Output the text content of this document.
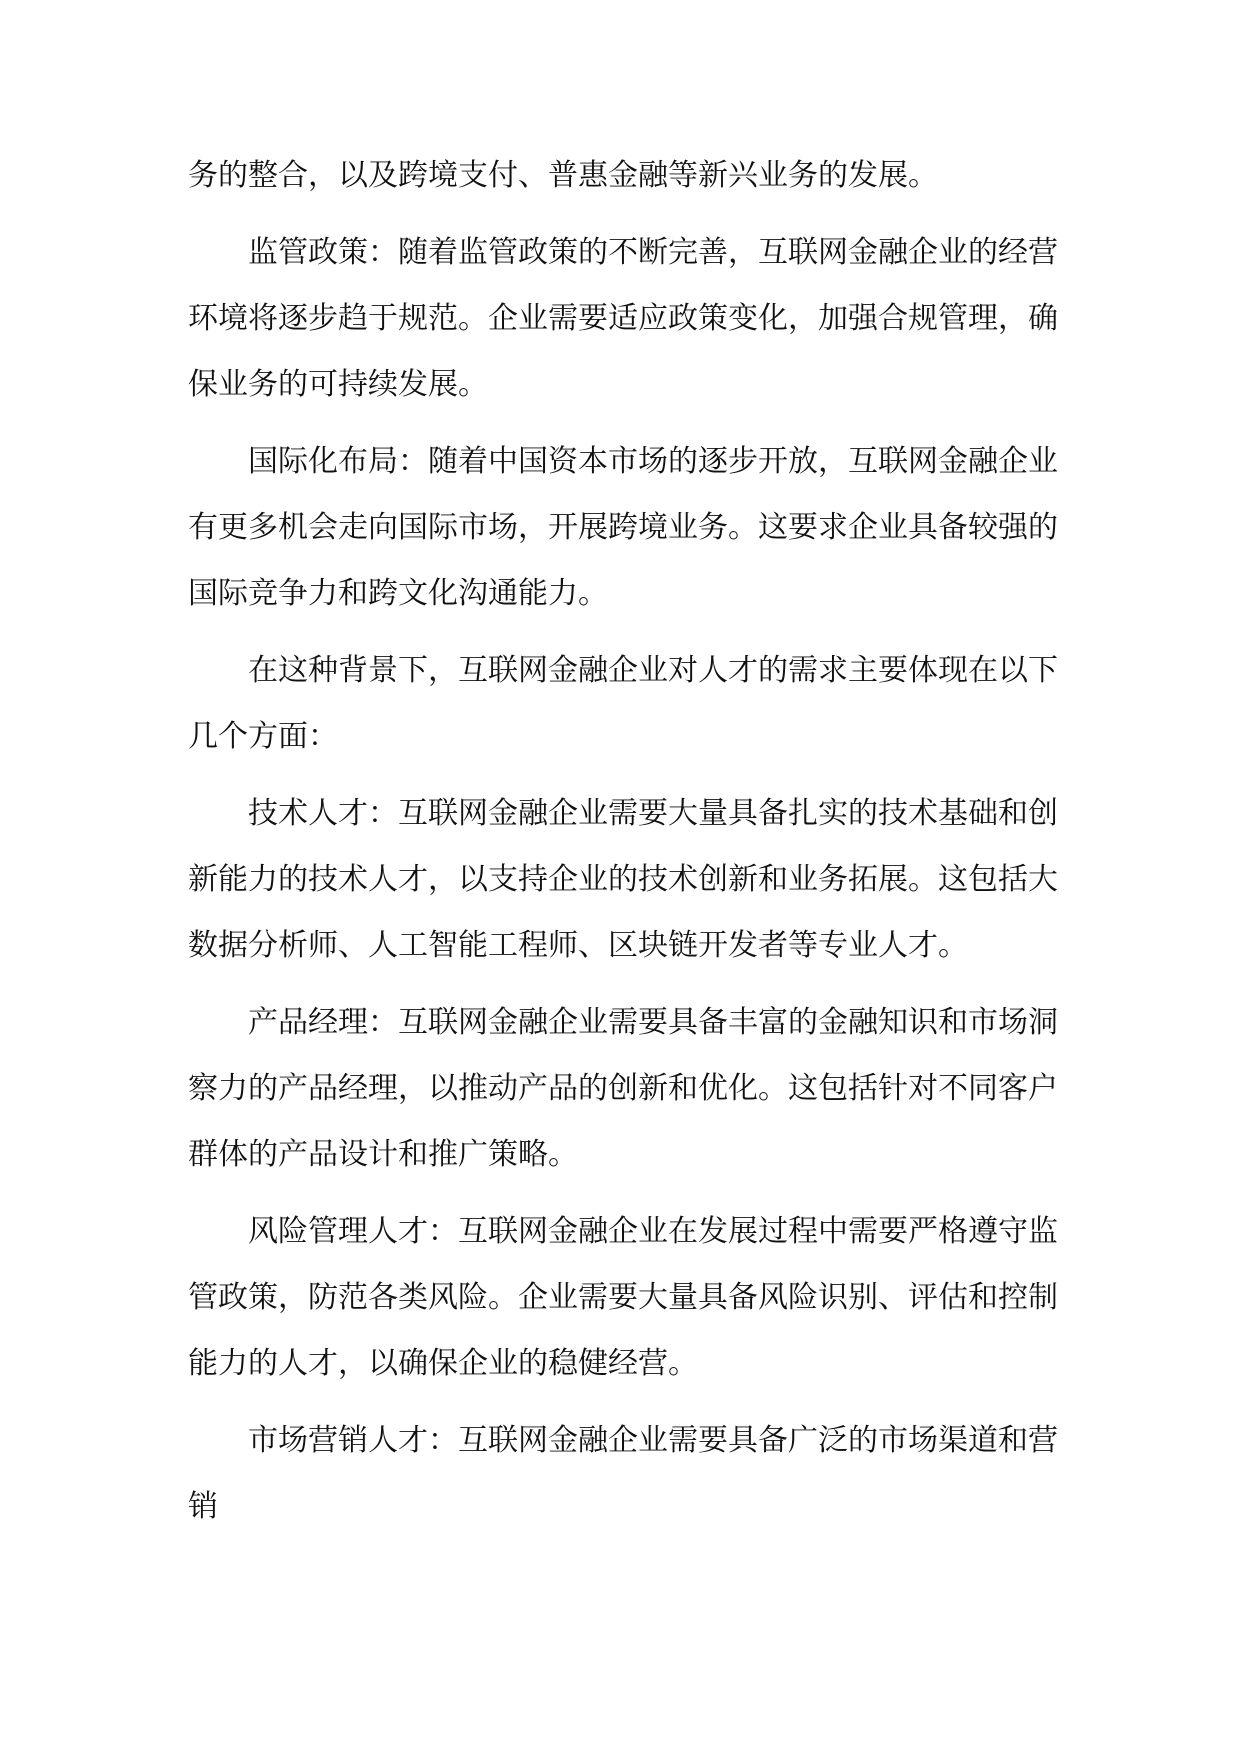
务的整合，以及跨境支付、普惠金融等新兴业务的发展。

监管政策：随着监管政策的不断完善，互联网金融企业的经营环境将逐步趋于规范。企业需要适应政策变化，加强合规管理，确保业务的可持续发展。

国际化布局：随着中国资本市场的逐步开放，互联网金融企业有更多机会走向国际市场，开展跨境业务。这要求企业具备较强的国际竞争力和跨文化沟通能力。

在这种背景下，互联网金融企业对人才的需求主要体现在以下几个方面：

技术人才：互联网金融企业需要大量具备扎实的技术基础和创新能力的技术人才，以支持企业的技术创新和业务拓展。这包括大数据分析师、人工智能工程师、区块链开发者等专业人才。

产品经理：互联网金融企业需要具备丰富的金融知识和市场洞察力的产品经理，以推动产品的创新和优化。这包括针对不同客户群体的产品设计和推广策略。

风险管理人才：互联网金融企业在发展过程中需要严格遵守监管政策，防范各类风险。企业需要大量具备风险识别、评估和控制能力的人才，以确保企业的稳健经营。

市场营销人才：互联网金融企业需要具备广泛的市场渠道和营销
